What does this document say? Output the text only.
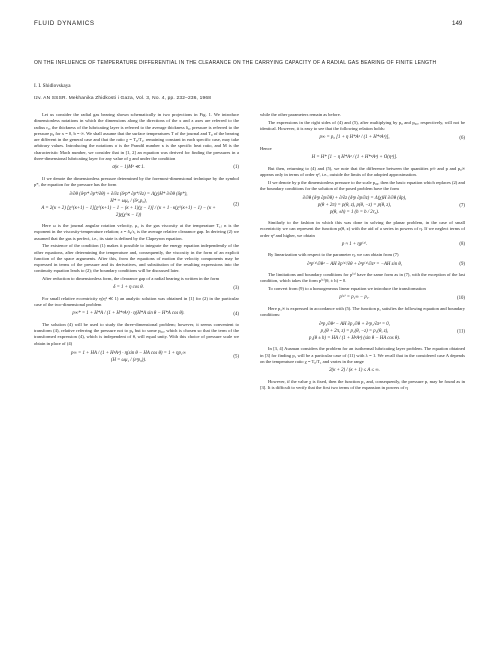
FLUID DYNAMICS	149
ON THE INFLUENCE OF TEMPERATURE DIFFERENTIAL IN THE CLEARANCE ON THE CARRYING CAPACITY OF A RADIAL GAS BEARING OF FINITE LENGTH
I. I. Shidlovskaya
Izv. AN SSSR. Mekhanika Zhidkosti i Gaza, Vol. 3, No. 4, pp. 232–236, 1968

Let us consider the radial gas bearing shown schematically in two projections in Fig. 1. We introduce dimensionless notations in which the dimensions along the directions of the x and z axes are referred to the radius r₀, the thickness of the lubricating layer is referred to the average thickness δ₀, pressure is referred to the pressure p₀ for x = 0, b = ∞. We shall assume that the surface temperatures T of the journal and T₀ of the bearing are different in the general case and that the ratio χ = T₀/T₁, remaining constant in each specific case, may take arbitrary values. Introducing the notations σ is the Prandtl number κ is the specific heat ratio, and M is the characteristic Mach number, we consider that in [1, 2] an equation was derived for finding the pressures in a three-dimensional lubricating layer for any value of χ and under the condition

σ(κ − 1)M² ≪ 1.	(1)

If we denote the dimensionless pressure determined by the foremost-dimensional technique by the symbol p*, the equation for the pressure has the form

∂/∂θ (δ³p* ∂p*/∂θ) + ∂/∂z (δ³p* ∂p*/∂z) = Λ(χ)H* ∂/∂θ (δp*),
H* = ωμ₀ / (δ²₀p₀),
A = 2(κ + 2) [χ^(κ+1) − 1][χ^(κ+1) − 1 − (κ + 1)(χ − 1)] / (κ + 1 · κ(χ^(κ+1) − 1) − (κ + 2)χ(χ^κ − 1))
(2)

Here ω is the journal angular rotation velocity, μ₁ is the gas viscosity at the temperature T₁; n is the exponent in the viscosity-temperature relation; ε = δ₀/r₁ is the average relative clearance gap. In deriving (2) we assumed that the gas is perfect, i.e., its state is defined by the Clapeyron equation.

The existence of the condition (1) makes it possible to integrate the energy equation independently of the other equations, after determining the temperature and, consequently, the viscosity in the form of an explicit function of the space arguments. After this, from the equations of motion the velocity components may be expressed in terms of the pressure and its derivatives, and substitution of the resulting expressions into the continuity equation leads to (2); the boundary conditions will be discussed later.

After reduction to dimensionless form, the clearance gap of a radial bearing is written in the form

δ = 1 + η cos θ.	(3)

For small relative eccentricity η(η² ≪ 1) an analytic solution was obtained in [1] for (2) in the particular case of the two-dimensional problem

p∞* = 1 + H*A / (1 + H*²A²) · η(H*A sin θ − H*A cos θ).	(4)

The solution (4) will be used to study the three-dimensional problem; however, it seems convenient to transform (4), relative referring the pressure not to p₀ but to some p₀₀, which is chosen so that the term of the transformed expression (4), which is independent of θ, will equal unity. With this choice of pressure scale we obtain in place of (4)

p∞ = 1 + HA / (1 + H²A²) · η(sin θ − HA cos θ) = 1 + ηp₁∞
(H = ωμ₁ / (ε²p₀)).
(5)

while the other parameters remain as before.

The expressions in the right sides of (4) and (5), after multiplying by p₀ and p₀₀, respectively, will not be identical. However, it is easy to see that the following relation holds:

p∞ = p₀ [1 + η H*A² / (1 + H*²A²)],	(6)

Hence

H = H* [1 − η H*A² / (1 + H*²A²) + O(η²)].

But then, returning to (4) and (5), we note that the difference between the quantities p∞ and p and p₀∞ appears only in terms of order η², i.e., outside the limits of the adopted approximation.

If we denote by p the dimensionless pressure to the scale p₀₀, then the basic equation which replaces (2) and the boundary conditions for the solution of the posed problem have the form

∂/∂θ (δ³p ∂p/∂θ) + ∂/∂z (δ³p ∂p/∂z) = Λ(χ)H ∂/∂θ (δp),
p(θ + 2π) = p(θ, z), p(θ, −z) = p(θ, z),
p(θ, ±h) = 1 (h = b / 2r₀).
(7)

Similarly to the fashion in which this was done in solving the planar problem, in the case of small eccentricity we can represent the function p(θ, z) with the aid of a series in powers of η. If we neglect terms of order η² and higher, we obtain

p ≈ 1 + ηp⁽¹⁾.	(8)

By linearization with respect to the parameter η, we can obtain from (7)

∂²p⁽¹⁾/∂θ² − AH ∂p⁽¹⁾/∂θ + ∂²p⁽¹⁾/∂z² = −AH sin θ,	(9)

The limitations and boundary conditions for p⁽¹⁾ have the same form as in (7), with the exception of the last condition, which takes the form p⁽¹⁾(θ, ± h) = 0.

To convert from (9) to a homogeneous linear equation we introduce the transformation

p⁽¹⁾ = p₁∞ − p₁.	(10)

Here p₁∞ is expressed in accordance with (5). The function p₁ satisfies the following equation and boundary conditions:

∂²p₁/∂θ² − AH ∂p₁/∂θ + ∂²p₁/∂z² = 0,
p₁(θ + 2π, z) = p₁(θ, −z) = p₁(θ, z),
p₁(θ ± h) = HA / (1 + H²A²) (sin θ − HA cos θ).
(11)

In [3, 4] Ausman considers the problem for an isothermal lubricating layer problem. The equation obtained in [3] for finding p₁ will be a particular case of (11) with λ = 1. We recall that in the considered case A depends on the temperature ratio χ = T₀/T₁ and varies in the range

2(κ + 2) / (κ + 1) ≤ A ≤ ∞.

However, if the value χ is fixed, then the function p₁ and, consequently, the pressure p, may be found as in [3]. It is difficult to verify that the first two terms of the expansion in powers of η
